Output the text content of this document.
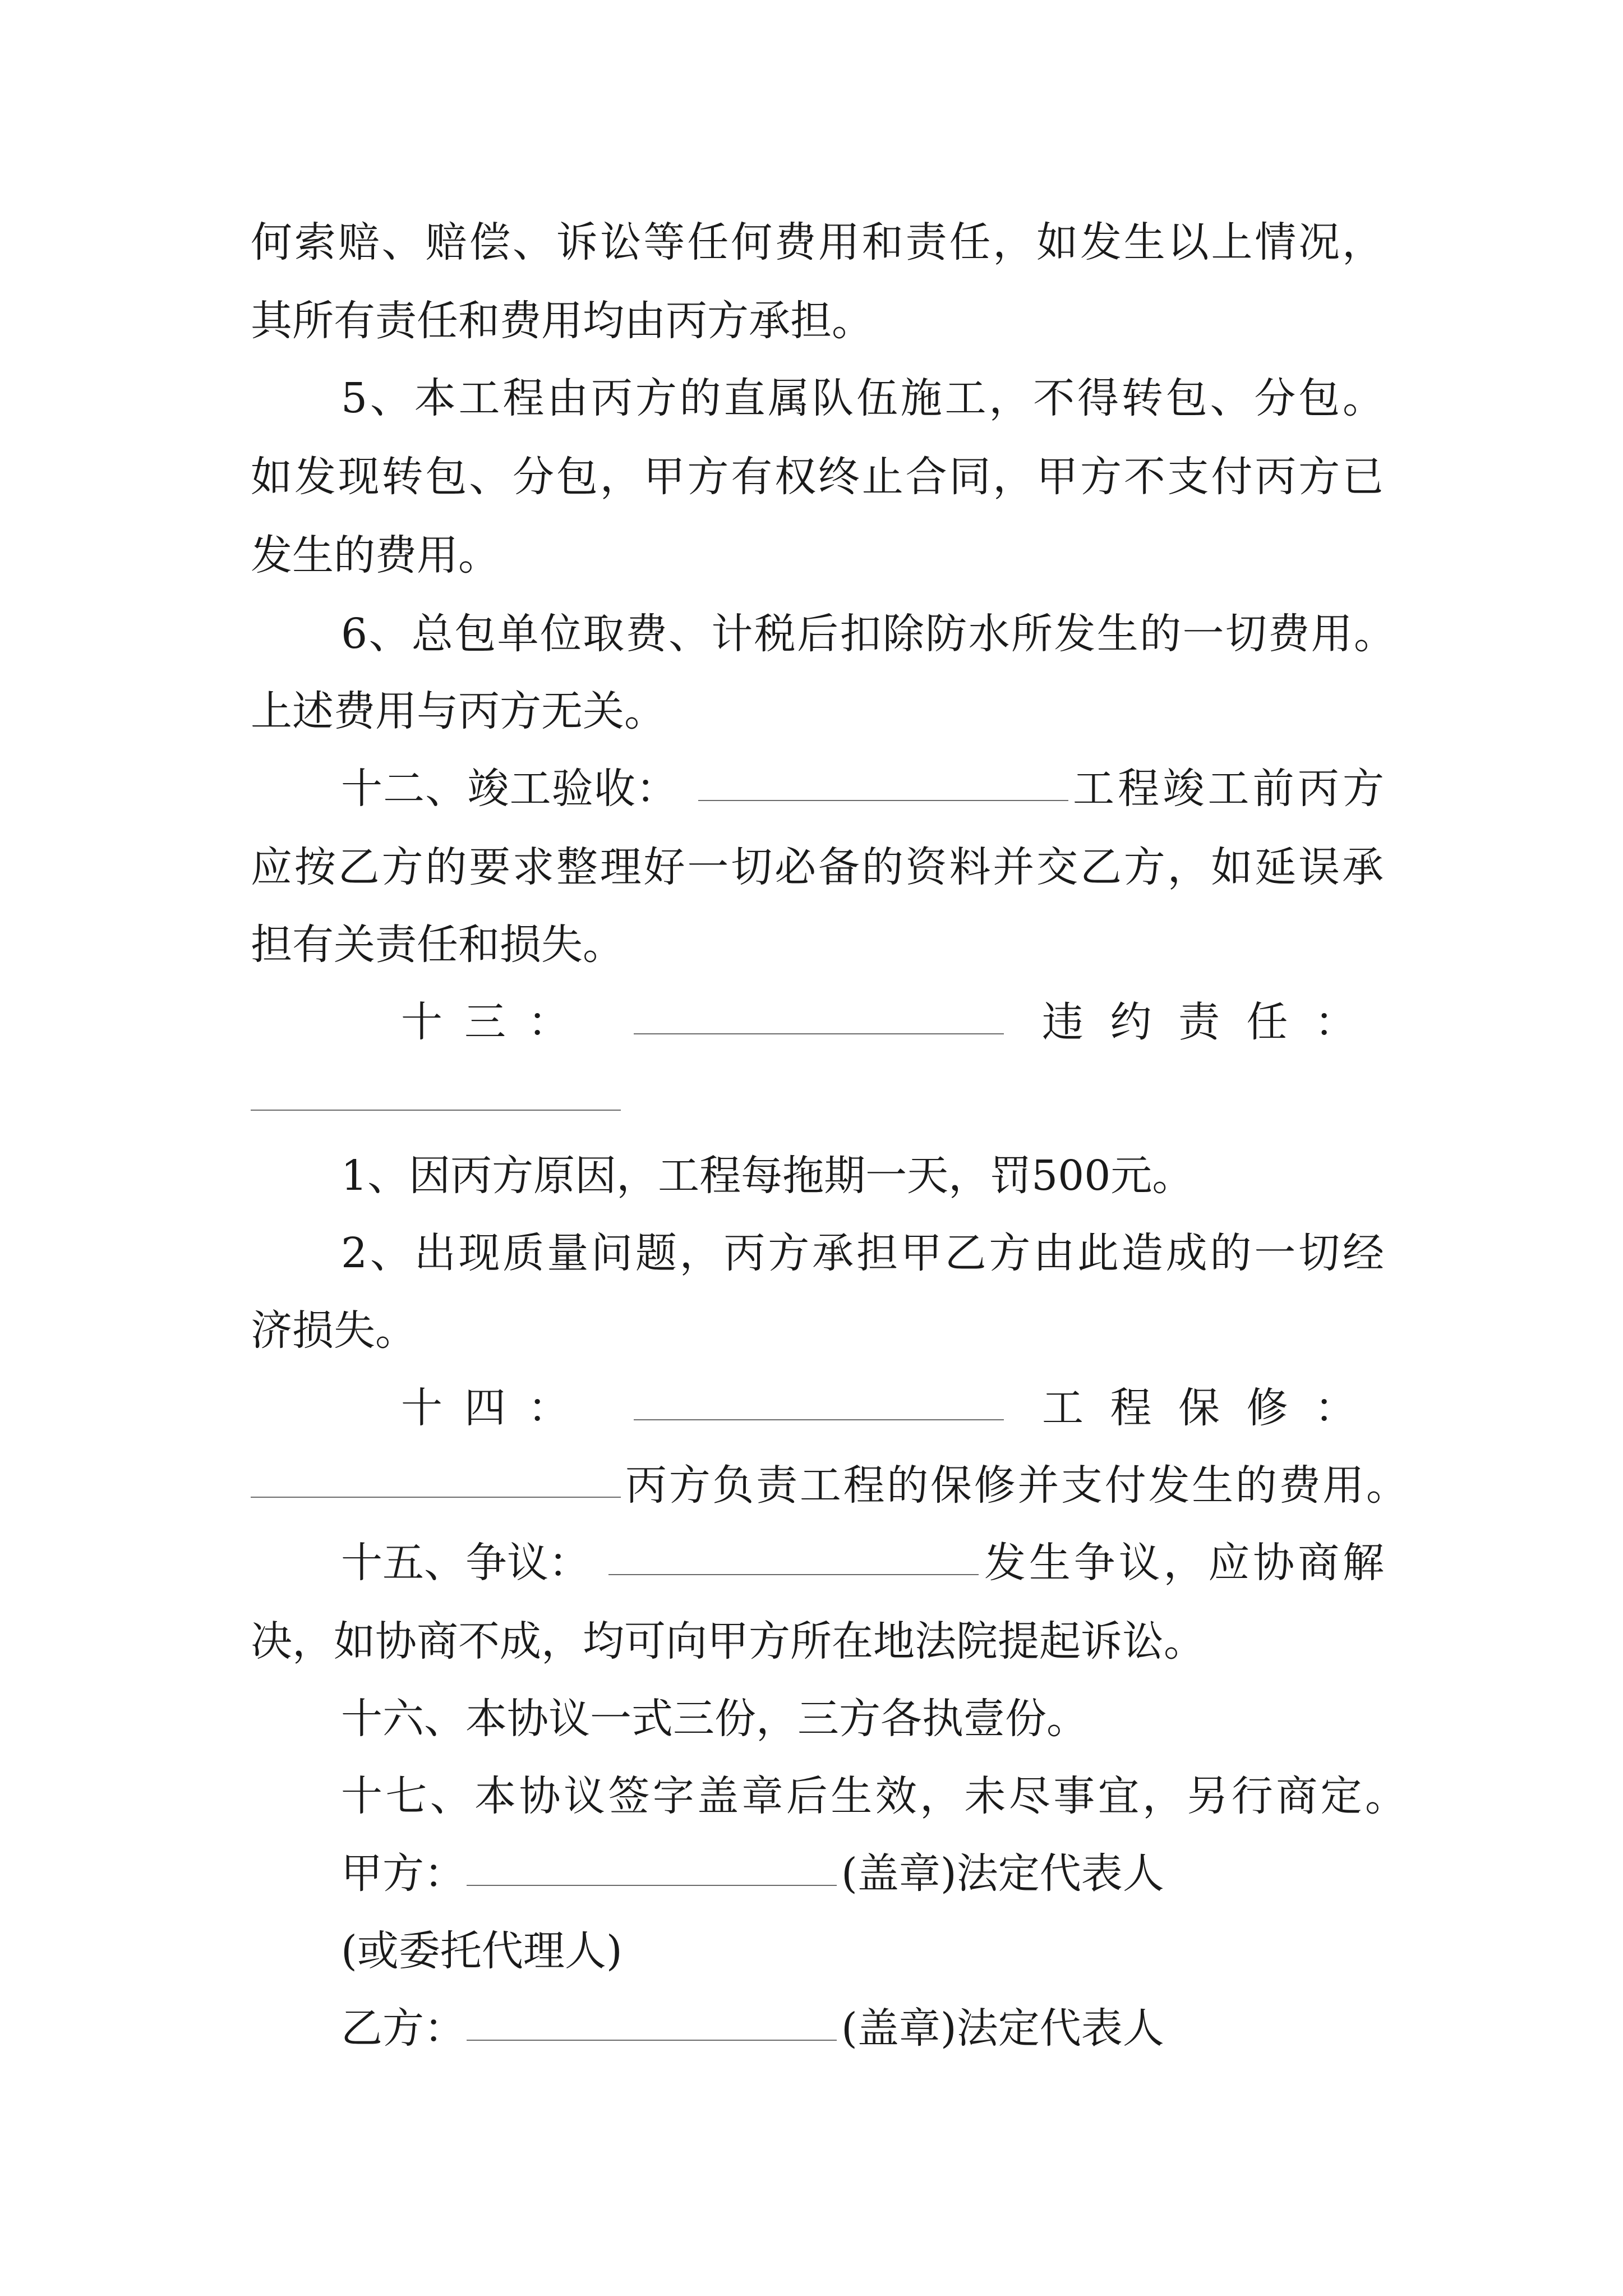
何索赔、赔偿、诉讼等任何费用和责任，如发生以上情况，
其所有责任和费用均由丙方承担。
5、本工程由丙方的直属队伍施工，不得转包、分包。
如发现转包、分包，甲方有权终止合同，甲方不支付丙方已
发生的费用。
6、总包单位取费、计税后扣除防水所发生的一切费用。
上述费用与丙方无关。
十二、竣工验收：	工程竣工前丙方
应按乙方的要求整理好一切必备的资料并交乙方，如延误承
担有关责任和损失。
十三：	违约责任：
1、因丙方原因，工程每拖期一天，罚500元。
2、出现质量问题，丙方承担甲乙方由此造成的一切经
济损失。
十四：	工程保修：
丙方负责工程的保修并支付发生的费用。
十五、争议：	发生争议，应协商解
决，如协商不成，均可向甲方所在地法院提起诉讼。
十六、本协议一式三份，三方各执壹份。
十七、本协议签字盖章后生效，未尽事宜，另行商定。
甲方：	(盖章)法定代表人
(或委托代理人)
乙方：	(盖章)法定代表人
